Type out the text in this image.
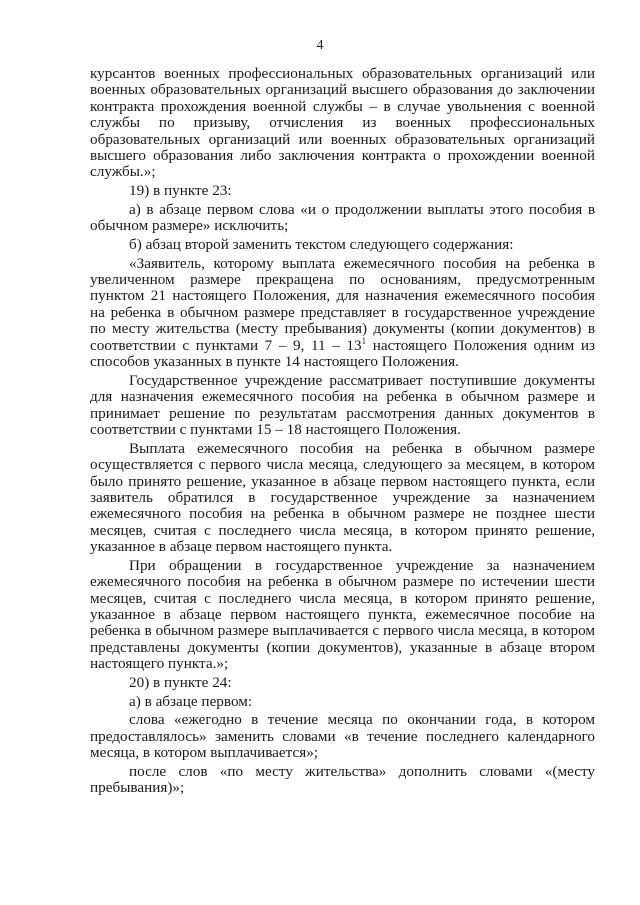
4

курсантов военных профессиональных образовательных организаций или военных образовательных организаций высшего образования до заключении контракта прохождения военной службы – в случае увольнения с военной службы по призыву, отчисления из военных профессиональных образовательных организаций или военных образовательных организаций высшего образования либо заключения контракта о прохождении военной службы.»;

19) в пункте 23:

а) в абзаце первом слова «и о продолжении выплаты этого пособия в обычном размере» исключить;

б) абзац второй заменить текстом следующего содержания:

«Заявитель, которому выплата ежемесячного пособия на ребенка в увеличенном размере прекращена по основаниям, предусмотренным пунктом 21 настоящего Положения, для назначения ежемесячного пособия на ребенка в обычном размере представляет в государственное учреждение по месту жительства (месту пребывания) документы (копии документов) в соответствии с пунктами 7 – 9, $11 - 13^1$ настоящего Положения одним из способов указанных в пункте 14 настоящего Положения.

Государственное учреждение рассматривает поступившие документы для назначения ежемесячного пособия на ребенка в обычном размере и принимает решение по результатам рассмотрения данных документов в соответствии с пунктами 15 – 18 настоящего Положения.

Выплата ежемесячного пособия на ребенка в обычном размере осуществляется с первого числа месяца, следующего за месяцем, в котором было принято решение, указанное в абзаце первом настоящего пункта, если заявитель обратился в государственное учреждение за назначением ежемесячного пособия на ребенка в обычном размере не позднее шести месяцев, считая с последнего числа месяца, в котором принято решение, указанное в абзаце первом настоящего пункта.

При обращении в государственное учреждение за назначением ежемесячного пособия на ребенка в обычном размере по истечении шести месяцев, считая с последнего числа месяца, в котором принято решение, указанное в абзаце первом настоящего пункта, ежемесячное пособие на ребенка в обычном размере выплачивается с первого числа месяца, в котором представлены документы (копии документов), указанные в абзаце втором настоящего пункта.»;

20) в пункте 24:

а) в абзаце первом:

слова «ежегодно в течение месяца по окончании года, в котором предоставлялось» заменить словами «в течение последнего календарного месяца, в котором выплачивается»;

после слов «по месту жительства» дополнить словами «(месту пребывания)»;
